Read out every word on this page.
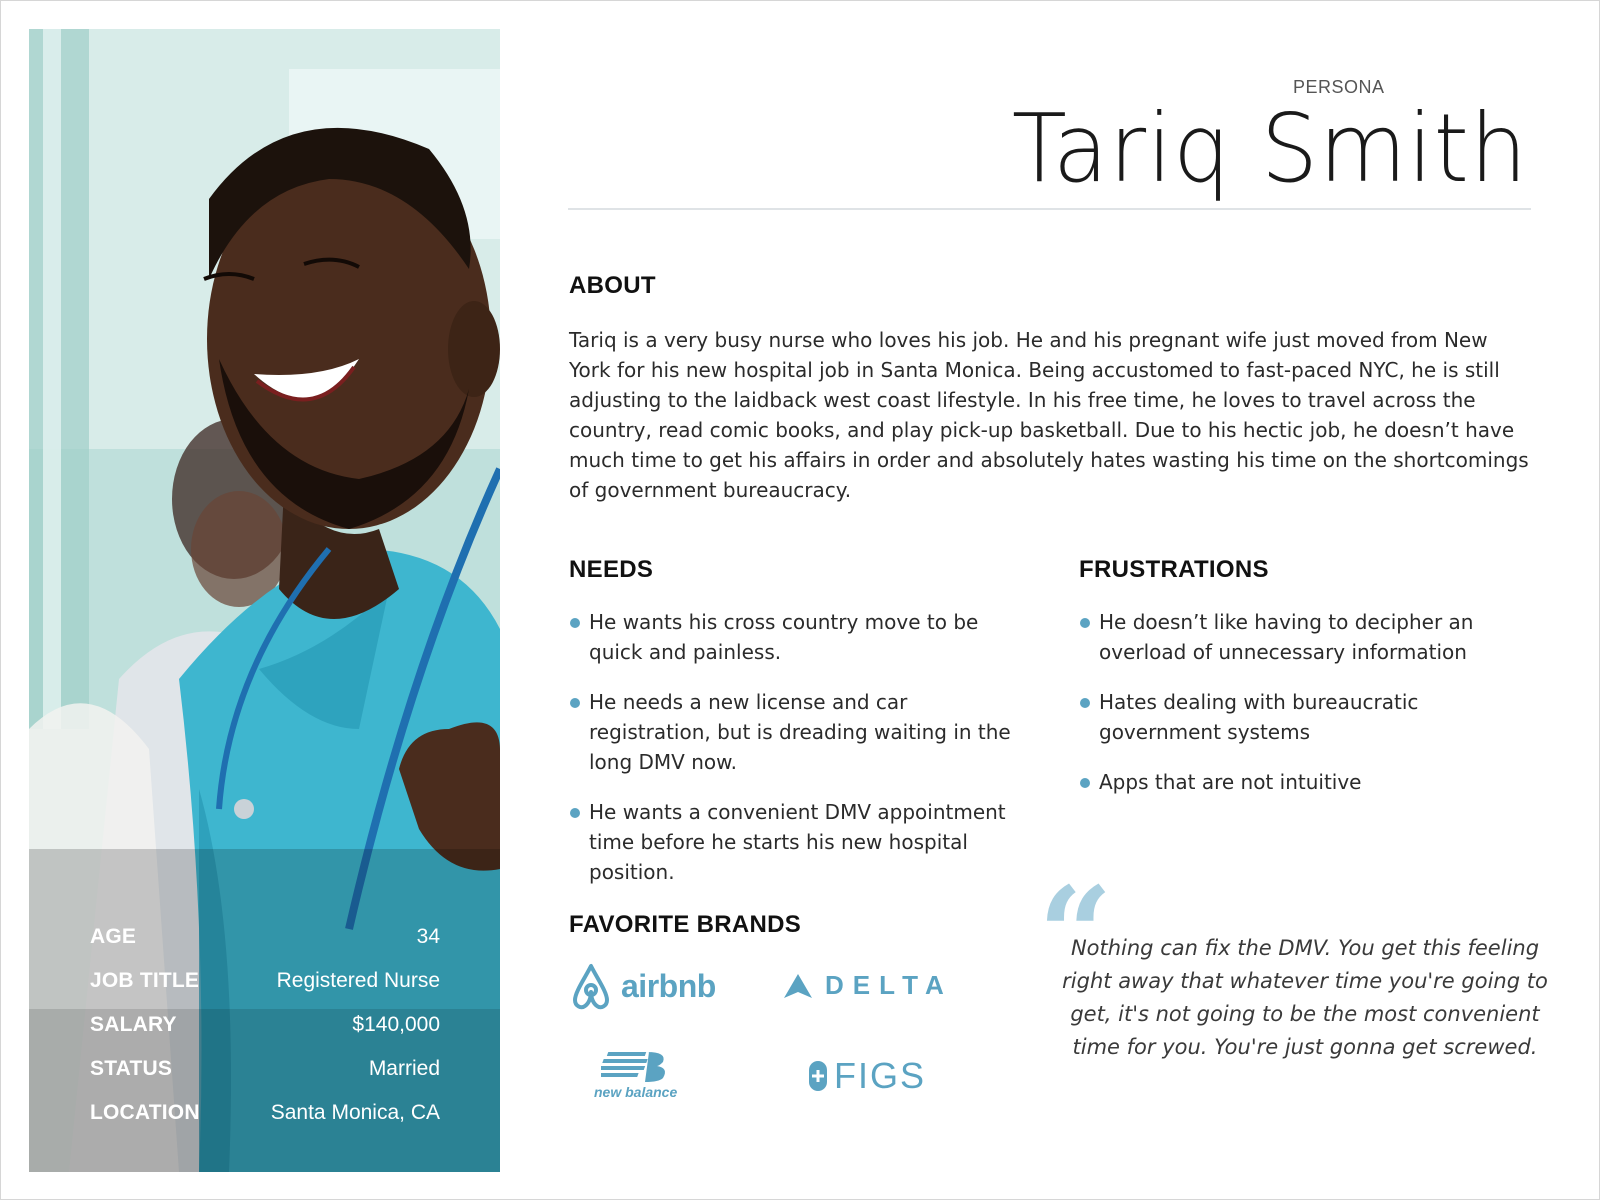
AGE	34
JOB TITLE	Registered Nurse
SALARY	$140,000
STATUS	Married
LOCATION	Santa Monica, CA
PERSONA
Tariq Smith
ABOUT
Tariq is a very busy nurse who loves his job. He and his pregnant wife just moved from New York for his new hospital job in Santa Monica. Being accustomed to fast-paced NYC, he is still adjusting to the laidback west coast lifestyle. In his free time, he loves to travel across the country, read comic books, and play pick-up basketball. Due to his hectic job, he doesn’t have much time to get his affairs in order and absolutely hates wasting his time on the shortcomings of government bureaucracy.
NEEDS
He wants his cross country move to be quick and painless.
He needs a new license and car registration, but is dreading waiting in the long DMV now.
He wants a convenient DMV appointment time before he starts his new hospital position.
FRUSTRATIONS
He doesn’t like having to decipher an overload of unnecessary information
Hates dealing with bureaucratic government systems
Apps that are not intuitive
FAVORITE BRANDS
airbnb	DELTA
new balance	FIGS
“
Nothing can fix the DMV. You get this feeling right away that whatever time you're going to get, it's not going to be the most convenient time for you. You're just gonna get screwed.
